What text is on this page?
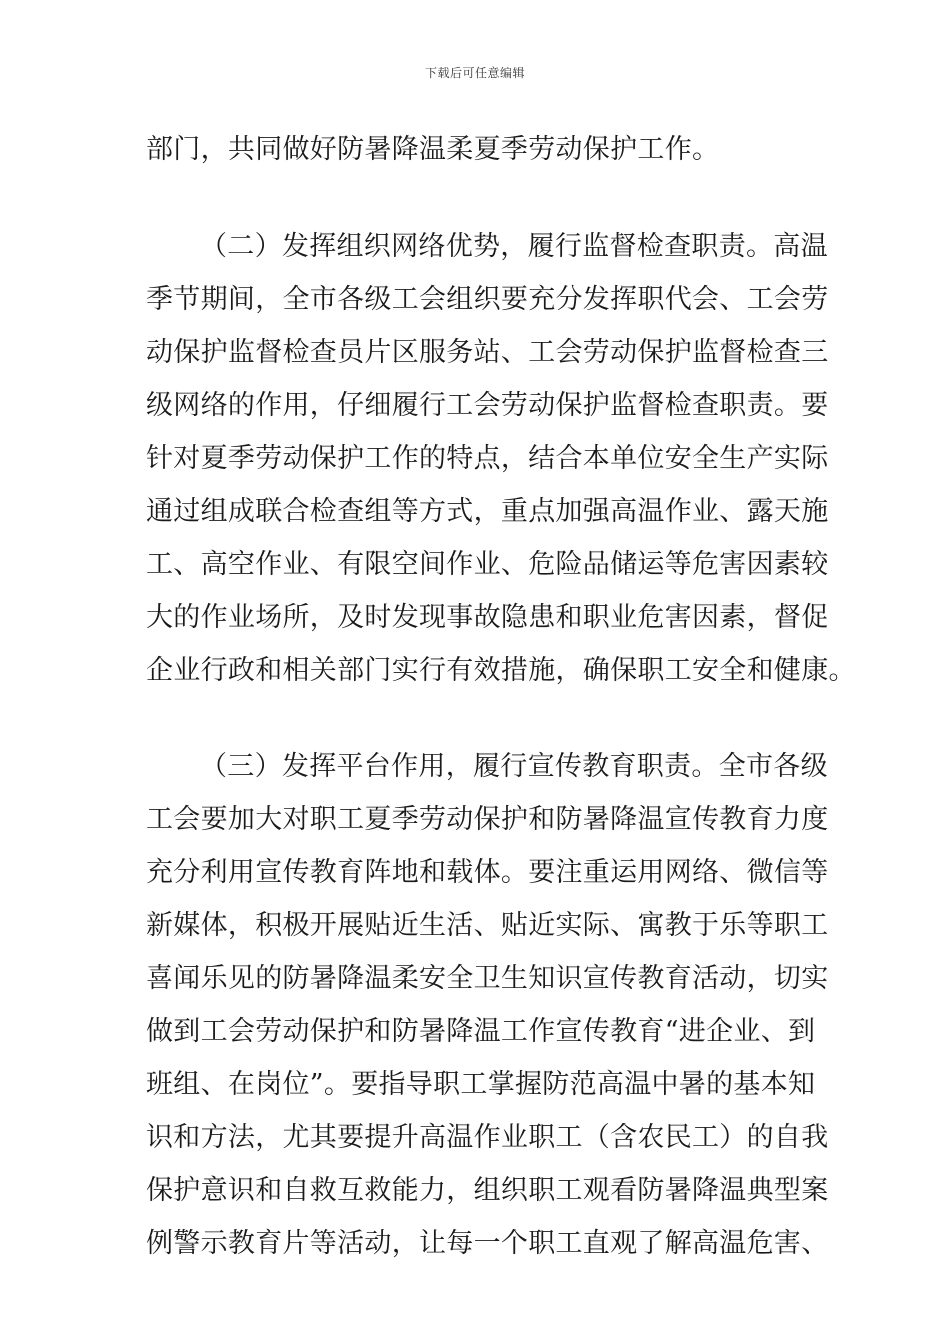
下载后可任意编辑
部门，共同做好防暑降温柔夏季劳动保护工作。
（二）发挥组织网络优势，履行监督检查职责。高温
季节期间，全市各级工会组织要充分发挥职代会、工会劳
动保护监督检查员片区服务站、工会劳动保护监督检查三
级网络的作用，仔细履行工会劳动保护监督检查职责。要
针对夏季劳动保护工作的特点，结合本单位安全生产实际
通过组成联合检查组等方式，重点加强高温作业、露天施
工、高空作业、有限空间作业、危险品储运等危害因素较
大的作业场所，及时发现事故隐患和职业危害因素，督促
企业行政和相关部门实行有效措施，确保职工安全和健康。
（三）发挥平台作用，履行宣传教育职责。全市各级
工会要加大对职工夏季劳动保护和防暑降温宣传教育力度
充分利用宣传教育阵地和载体。要注重运用网络、微信等
新媒体，积极开展贴近生活、贴近实际、寓教于乐等职工
喜闻乐见的防暑降温柔安全卫生知识宣传教育活动，切实
做到工会劳动保护和防暑降温工作宣传教育“进企业、到
班组、在岗位”。要指导职工掌握防范高温中暑的基本知
识和方法，尤其要提升高温作业职工（含农民工）的自我
保护意识和自救互救能力，组织职工观看防暑降温典型案
例警示教育片等活动，让每一个职工直观了解高温危害、
